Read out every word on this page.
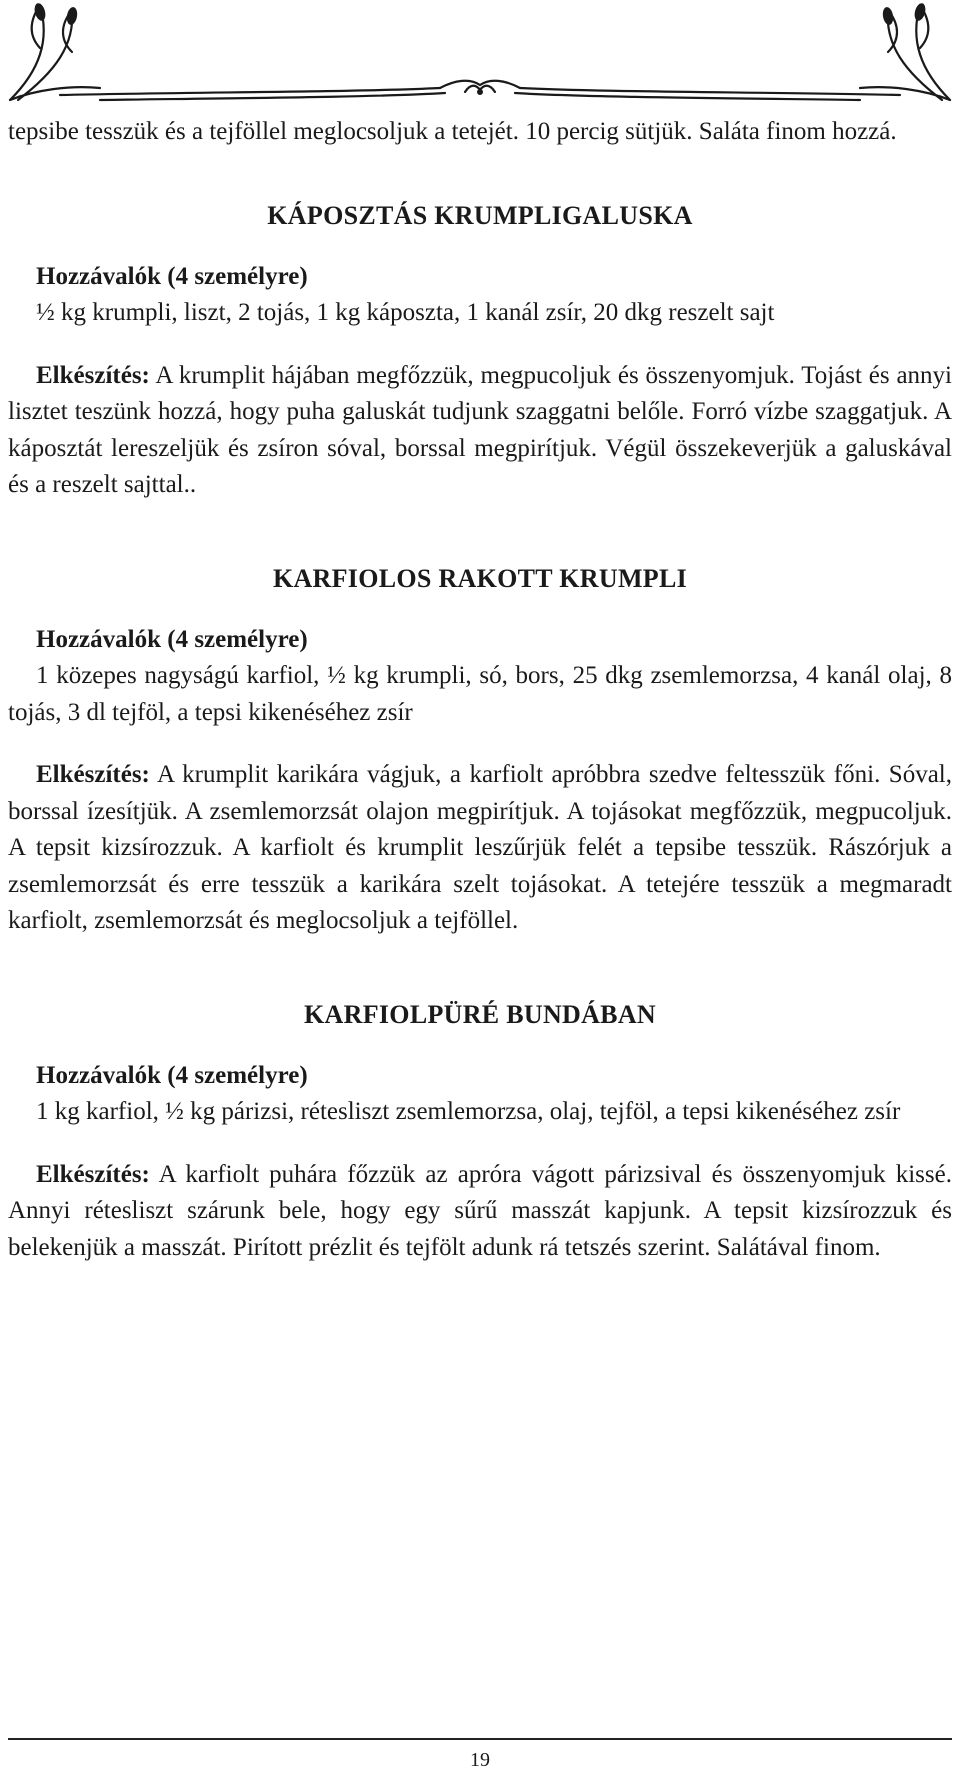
tepsibe tesszük és a tejföllel meglocsoljuk a tetejét. 10 percig sütjük. Saláta finom hozzá.

KÁPOSZTÁS KRUMPLIGALUSKA

Hozzávalók (4 személyre)

½ kg krumpli, liszt, 2 tojás, 1 kg káposzta, 1 kanál zsír, 20 dkg reszelt sajt

Elkészítés: A krumplit hájában megfőzzük, megpucoljuk és összenyomjuk. Tojást és annyi lisztet teszünk hozzá, hogy puha galuskát tudjunk szaggatni belőle. Forró vízbe szaggatjuk. A káposztát lereszeljük és zsíron sóval, borssal megpirítjuk. Végül összekeverjük a galuskával és a reszelt sajttal..

KARFIOLOS RAKOTT KRUMPLI

Hozzávalók (4 személyre)

1 közepes nagyságú karfiol, ½ kg krumpli, só, bors, 25 dkg zsemlemorzsa, 4 kanál olaj, 8 tojás, 3 dl tejföl, a tepsi kikenéséhez zsír

Elkészítés: A krumplit karikára vágjuk, a karfiolt apróbbra szedve feltesszük főni. Sóval, borssal ízesítjük. A zsemlemorzsát olajon megpirítjuk. A tojásokat megfőzzük, megpucoljuk. A tepsit kizsírozzuk. A karfiolt és krumplit leszűrjük felét a tepsibe tesszük. Rászórjuk a zsemlemorzsát és erre tesszük a karikára szelt tojásokat. A tetejére tesszük a megmaradt karfiolt, zsemlemorzsát és meglocsoljuk a tejföllel.

KARFIOLPÜRÉ BUNDÁBAN

Hozzávalók (4 személyre)

1 kg karfiol, ½ kg párizsi, rétesliszt zsemlemorzsa, olaj, tejföl, a tepsi kikenéséhez zsír

Elkészítés: A karfiolt puhára főzzük az apróra vágott párizsival és összenyomjuk kissé. Annyi rétesliszt szárunk bele, hogy egy sűrű masszát kapjunk. A tepsit kizsírozzuk és belekenjük a masszát. Pirított prézlit és tejfölt adunk rá tetszés szerint. Salátával finom.

19
